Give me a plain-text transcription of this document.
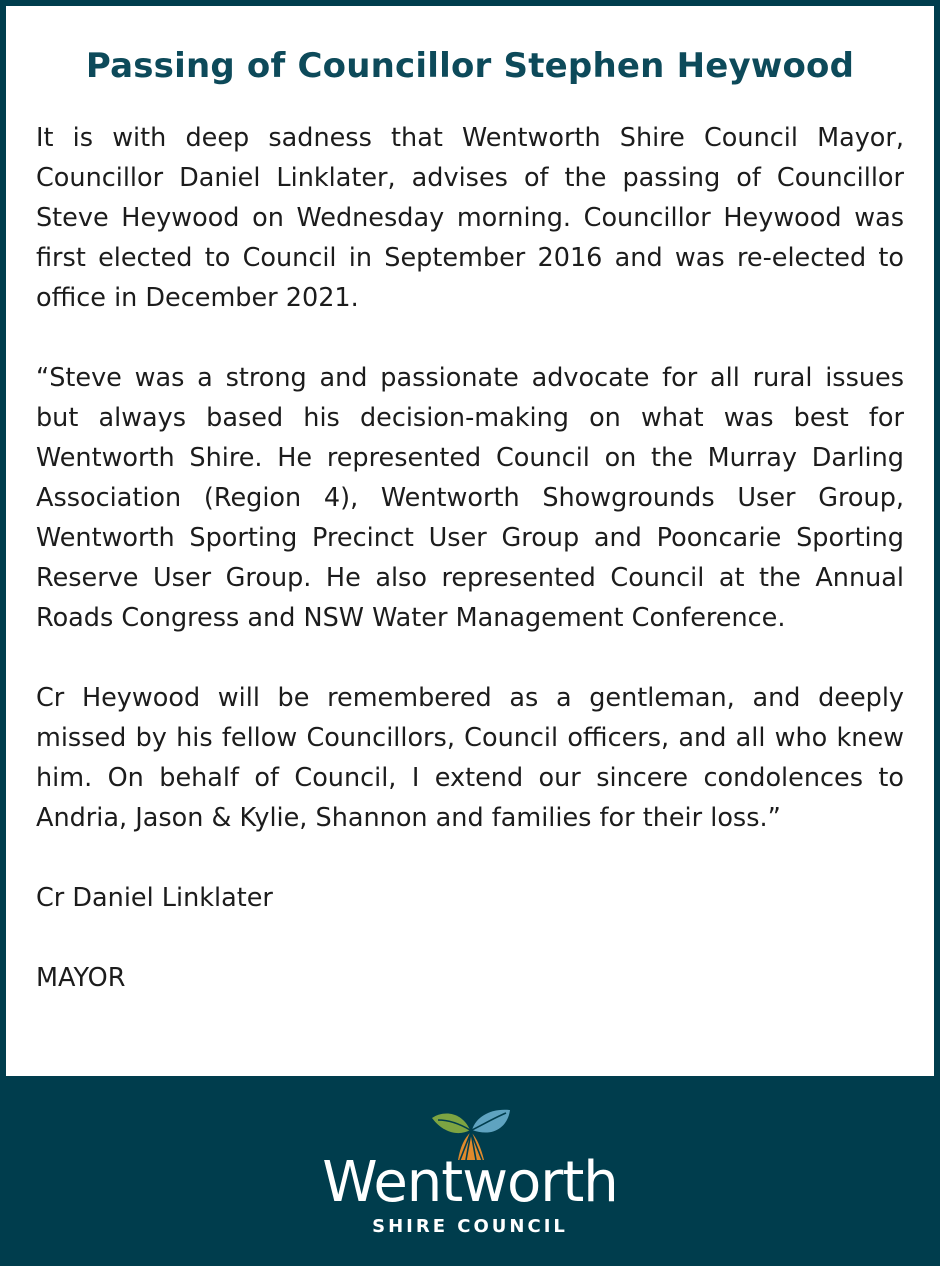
Passing of Councillor Stephen Heywood

It is with deep sadness that Wentworth Shire Council Mayor, Councillor Daniel Linklater, advises of the passing of Councillor Steve Heywood on Wednesday morning. Councillor Heywood was first elected to Council in September 2016 and was re-elected to office in December 2021.

“Steve was a strong and passionate advocate for all rural issues but always based his decision-making on what was best for Wentworth Shire. He represented Council on the Murray Darling Association (Region 4), Wentworth Showgrounds User Group, Wentworth Sporting Precinct User Group and Pooncarie Sporting Reserve User Group. He also represented Council at the Annual Roads Congress and NSW Water Management Conference.

Cr Heywood will be remembered as a gentleman, and deeply missed by his fellow Councillors, Council officers, and all who knew him. On behalf of Council, I extend our sincere condolences to Andria, Jason & Kylie, Shannon and families for their loss.”

Cr Daniel Linklater

MAYOR

Wentworth
SHIRE COUNCIL
